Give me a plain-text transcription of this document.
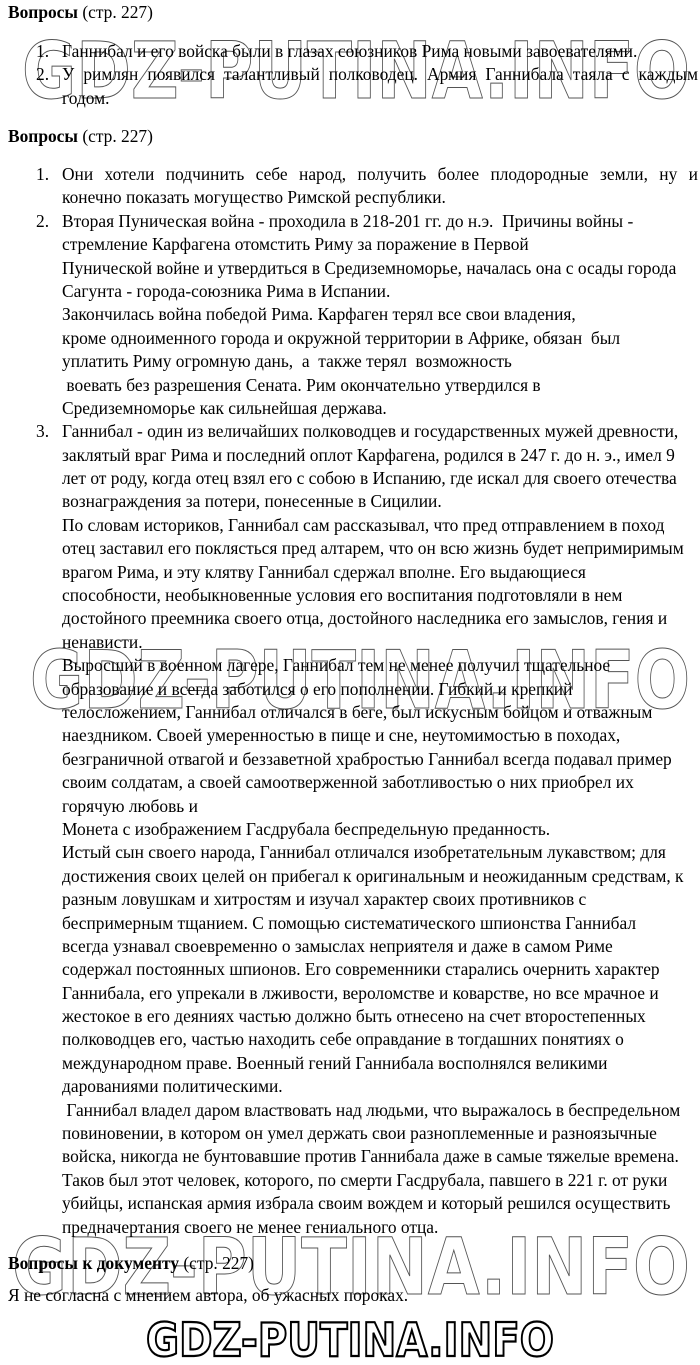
GDZ-PUTINA.INFO
GDZ-PUTINA.INFO
GDZ-PUTINA.INFO
GDZ-PUTINA.INFO
Вопросы (стр. 227)
1. Ганнибал и его войска были в глазах союзников Рима новыми завоевателями.
2. У римлян появился талантливый полководец. Армия Ганнибала таяла с каждым
годом.
Вопросы (стр. 227)
1. Они хотели подчинить себе народ, получить более плодородные земли, ну и
конечно показать могущество Римской республики.
2. Вторая Пуническая война - проходила в 218-201 гг. до н.э.  Причины войны -
стремление Карфагена отомстить Риму за поражение в Первой
Пунической войне и утвердиться в Средиземноморье, началась она с осады города
Сагунта - города-союзника Рима в Испании.
Закончилась война победой Рима. Карфаген терял все свои владения,
кроме одноименного города и окружной территории в Африке, обязан  был
уплатить Риму огромную дань,  а  также терял  возможность
воевать без разрешения Сената. Рим окончательно утвердился в
Средиземноморье как сильнейшая держава.
3. Ганнибал - один из величайших полководцев и государственных мужей древности,
заклятый враг Рима и последний оплот Карфагена, родился в 247 г. до н. э., имел 9
лет от роду, когда отец взял его с собою в Испанию, где искал для своего отечества
вознаграждения за потери, понесенные в Сицилии.
По словам историков, Ганнибал сам рассказывал, что пред отправлением в поход
отец заставил его поклясться пред алтарем, что он всю жизнь будет непримиримым
врагом Рима, и эту клятву Ганнибал сдержал вполне. Его выдающиеся
способности, необыкновенные условия его воспитания подготовляли в нем
достойного преемника своего отца, достойного наследника его замыслов, гения и
ненависти.
Выросший в военном лагере, Ганнибал тем не менее получил тщательное
образование и всегда заботился о его пополнении. Гибкий и крепкий
телосложением, Ганнибал отличался в беге, был искусным бойцом и отважным
наездником. Своей умеренностью в пище и сне, неутомимостью в походах,
безграничной отвагой и беззаветной храбростью Ганнибал всегда подавал пример
своим солдатам, а своей самоотверженной заботливостью о них приобрел их
горячую любовь и
Монета с изображением Гасдрубала беспредельную преданность.
Истый сын своего народа, Ганнибал отличался изобретательным лукавством; для
достижения своих целей он прибегал к оригинальным и неожиданным средствам, к
разным ловушкам и хитростям и изучал характер своих противников с
беспримерным тщанием. С помощью систематического шпионства Ганнибал
всегда узнавал своевременно о замыслах неприятеля и даже в самом Риме
содержал постоянных шпионов. Его современники старались очернить характер
Ганнибала, его упрекали в лживости, вероломстве и коварстве, но все мрачное и
жестокое в его деяниях частью должно быть отнесено на счет второстепенных
полководцев его, частью находить себе оправдание в тогдашних понятиях о
международном праве. Военный гений Ганнибала восполнялся великими
дарованиями политическими.
Ганнибал владел даром властвовать над людьми, что выражалось в беспредельном
повиновении, в котором он умел держать свои разноплеменные и разноязычные
войска, никогда не бунтовавшие против Ганнибала даже в самые тяжелые времена.
Таков был этот человек, которого, по смерти Гасдрубала, павшего в 221 г. от руки
убийцы, испанская армия избрала своим вождем и который решился осуществить
предначертания своего не менее гениального отца.
Вопросы к документу (стр. 227)
Я не согласна с мнением автора, об ужасных пороках.
